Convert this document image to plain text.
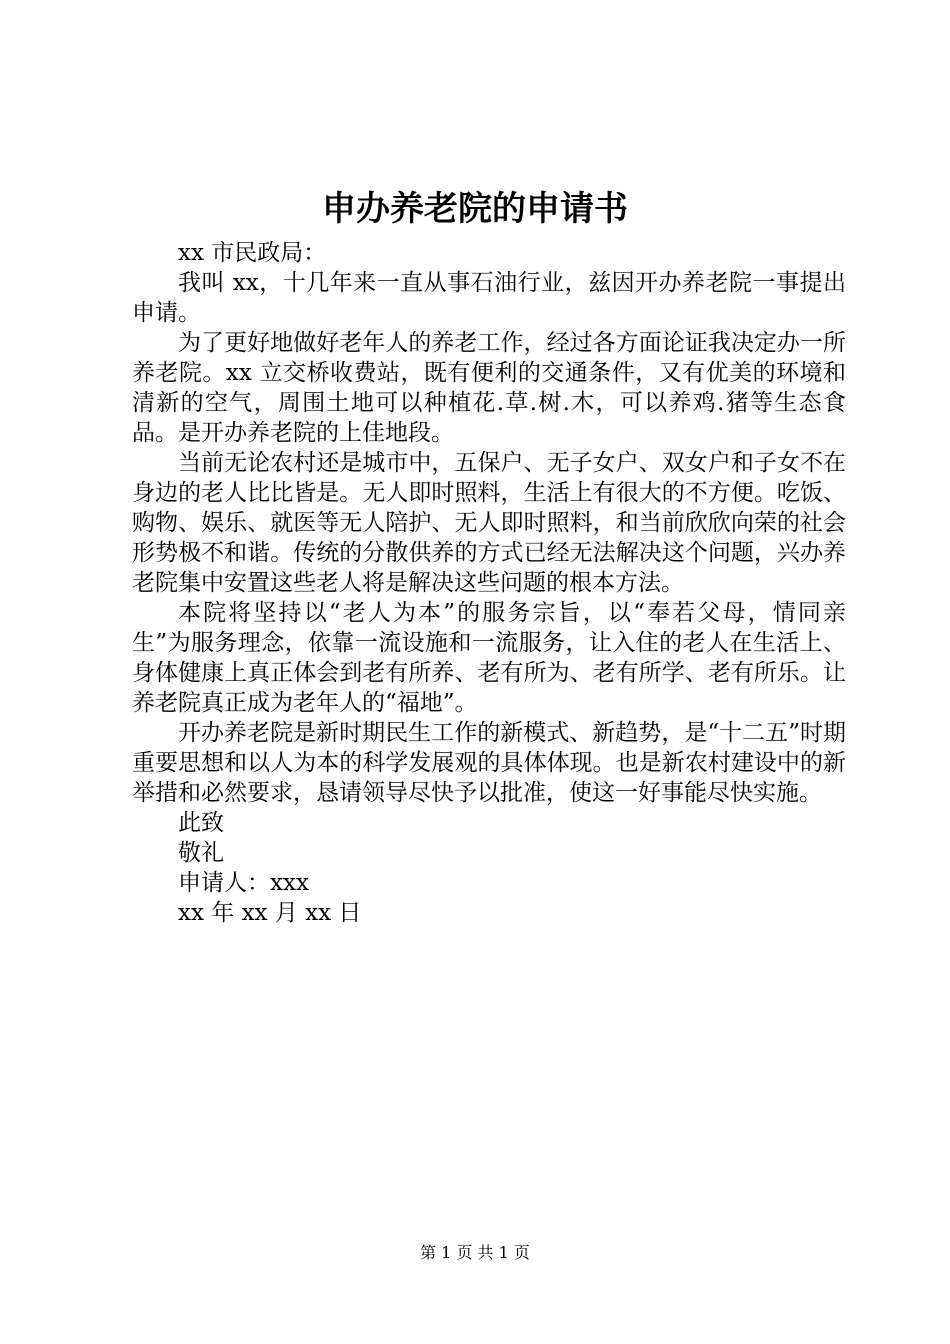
申办养老院的申请书

xx 市民政局：

我叫 xx，十几年来一直从事石油行业，兹因开办养老院一事提出申请。

为了更好地做好老年人的养老工作，经过各方面论证我决定办一所养老院。xx 立交桥收费站，既有便利的交通条件，又有优美的环境和清新的空气，周围土地可以种植花.草.树.木，可以养鸡.猪等生态食品。是开办养老院的上佳地段。

当前无论农村还是城市中，五保户、无子女户、双女户和子女不在身边的老人比比皆是。无人即时照料，生活上有很大的不方便。吃饭、购物、娱乐、就医等无人陪护、无人即时照料，和当前欣欣向荣的社会形势极不和谐。传统的分散供养的方式已经无法解决这个问题，兴办养老院集中安置这些老人将是解决这些问题的根本方法。

本院将坚持以“老人为本”的服务宗旨，以“奉若父母，情同亲生”为服务理念，依靠一流设施和一流服务，让入住的老人在生活上、身体健康上真正体会到老有所养、老有所为、老有所学、老有所乐。让养老院真正成为老年人的“福地”。

开办养老院是新时期民生工作的新模式、新趋势，是“十二五”时期重要思想和以人为本的科学发展观的具体体现。也是新农村建设中的新举措和必然要求，恳请领导尽快予以批准，使这一好事能尽快实施。

此致

敬礼

申请人：xxx

xx 年 xx 月 xx 日

第 1 页 共 1 页
